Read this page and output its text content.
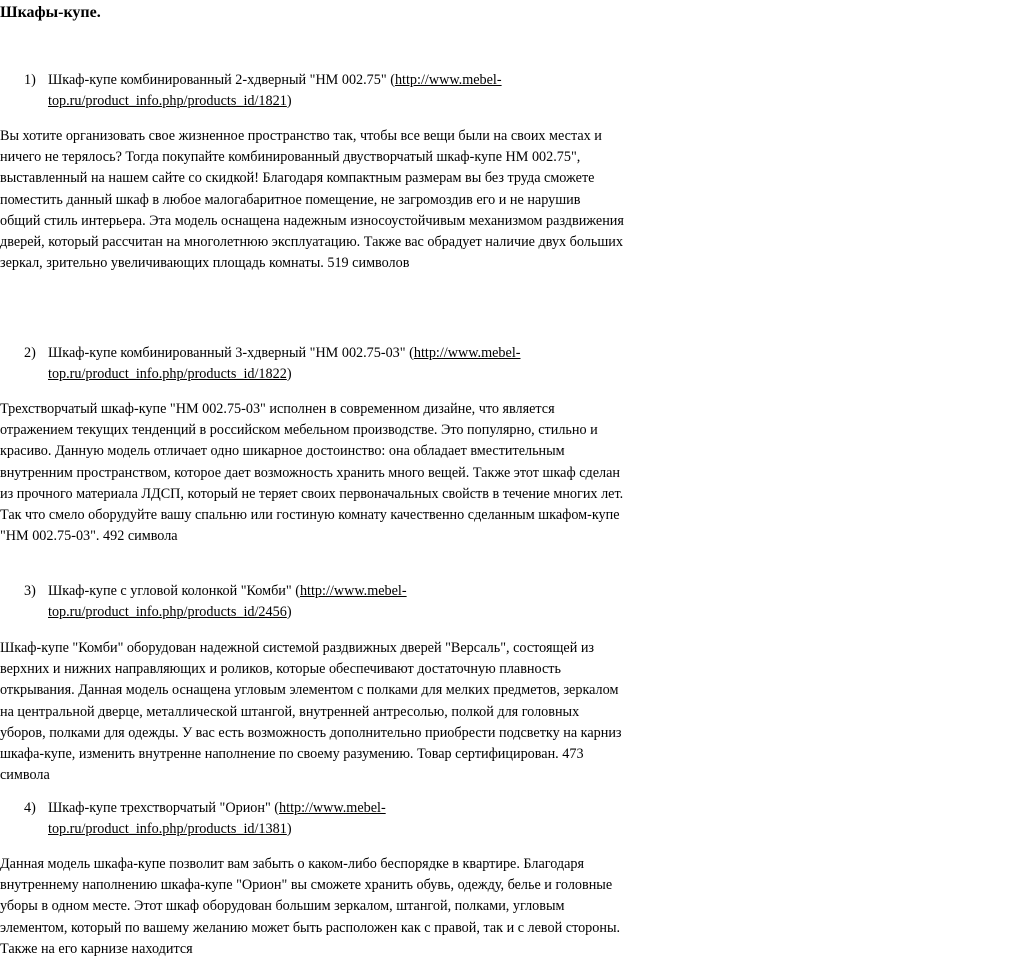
Шкафы-купе.
1) Шкаф-купе комбинированный 2-хдверный "НМ 002.75" (http://www.mebel-
top.ru/product_info.php/products_id/1821)

Вы хотите организовать свое жизненное пространство так, чтобы все вещи были на своих местах и ничего не терялось? Тогда покупайте комбинированный двустворчатый шкаф-купе НМ 002.75", выставленный на нашем сайте со скидкой! Благодаря компактным размерам вы без труда сможете поместить данный шкаф в любое малогабаритное помещение, не загромоздив его и не нарушив общий стиль интерьера. Эта модель оснащена надежным износоустойчивым механизмом раздвижения дверей, который рассчитан на многолетнюю эксплуатацию. Также вас обрадует наличие двух больших зеркал, зрительно увеличивающих площадь комнаты. 519 символов

2) Шкаф-купе комбинированный 3-хдверный "НМ 002.75-03" (http://www.mebel-
top.ru/product_info.php/products_id/1822)

Трехстворчатый шкаф-купе "НМ 002.75-03" исполнен в современном дизайне, что является отражением текущих тенденций в российском мебельном производстве. Это популярно, стильно и красиво. Данную модель отличает одно шикарное достоинство: она обладает вместительным внутренним пространством, которое дает возможность хранить много вещей. Также этот шкаф сделан из прочного материала ЛДСП, который не теряет своих первоначальных свойств в течение многих лет. Так что смело оборудуйте вашу спальню или гостиную комнату качественно сделанным шкафом-купе "НМ 002.75-03". 492 символа

3) Шкаф-купе с угловой колонкой "Комби" (http://www.mebel-
top.ru/product_info.php/products_id/2456)

Шкаф-купе "Комби" оборудован надежной системой раздвижных дверей "Версаль", состоящей из верхних и нижних направляющих и роликов, которые обеспечивают достаточную плавность открывания. Данная модель оснащена угловым элементом с полками для мелких предметов, зеркалом на центральной дверце, металлической штангой, внутренней антресолью, полкой для головных уборов, полками для одежды. У вас есть возможность дополнительно приобрести подсветку на карниз шкафа-купе, изменить внутренне наполнение по своему разумению. Товар сертифицирован. 473 символа

4) Шкаф-купе трехстворчатый "Орион" (http://www.mebel-
top.ru/product_info.php/products_id/1381)

Данная модель шкафа-купе позволит вам забыть о каком-либо беспорядке в квартире. Благодаря внутреннему наполнению шкафа-купе "Орион" вы сможете хранить обувь, одежду, белье и головные уборы в одном месте. Этот шкаф оборудован большим зеркалом, штангой, полками, угловым элементом, который по вашему желанию может быть расположен как с правой, так и с левой стороны. Также на его карнизе находится
